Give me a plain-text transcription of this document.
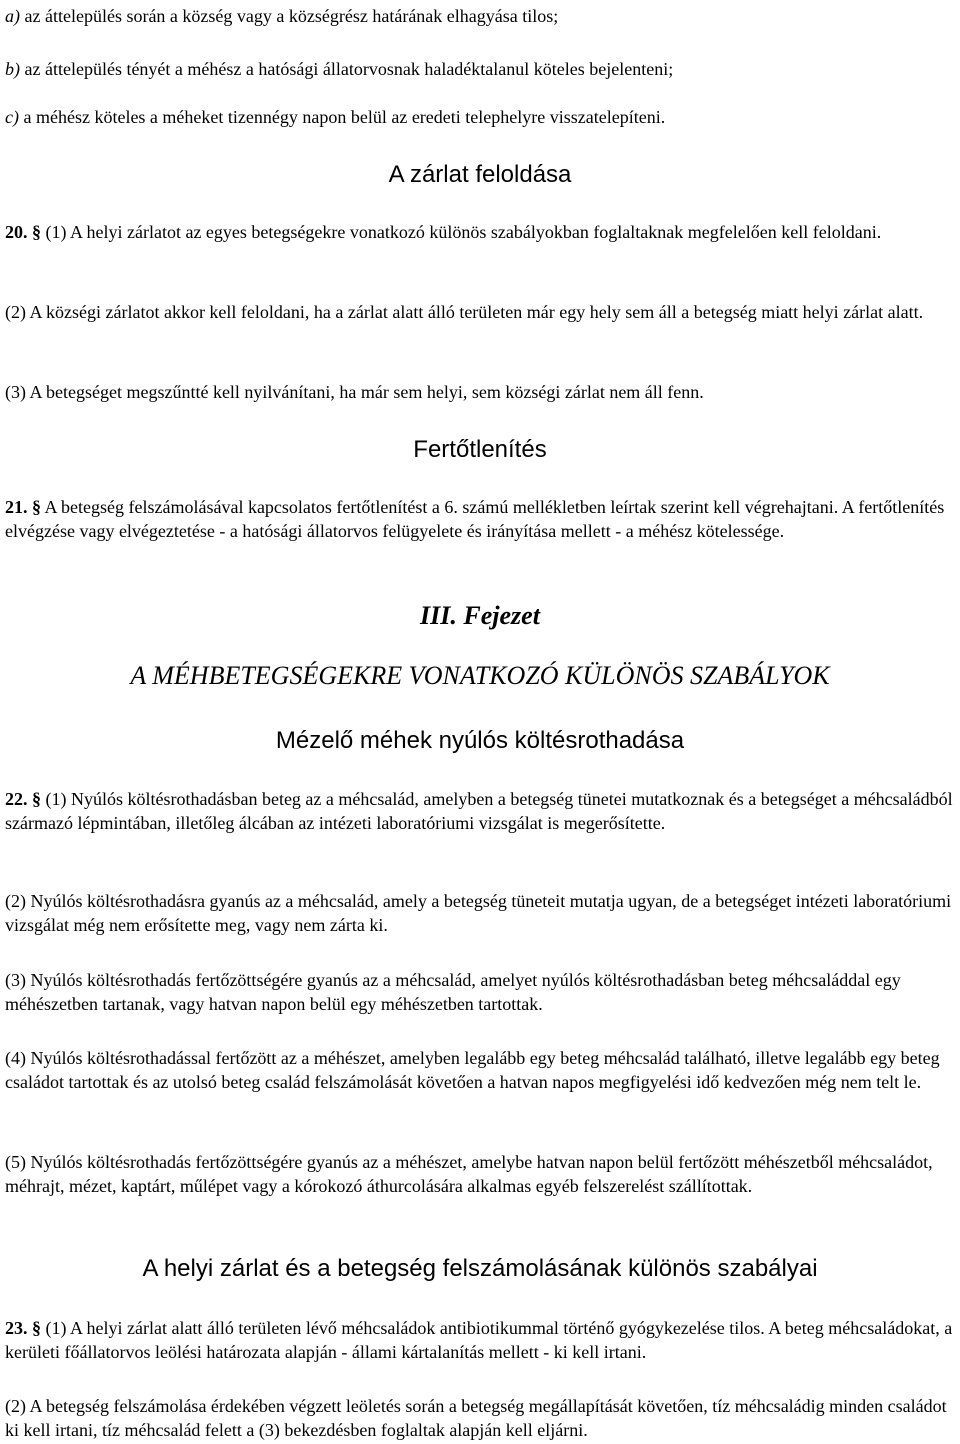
a) az áttelepülés során a község vagy a községrész határának elhagyása tilos;

b) az áttelepülés tényét a méhész a hatósági állatorvosnak haladéktalanul köteles bejelenteni;

c) a méhész köteles a méheket tizennégy napon belül az eredeti telephelyre visszatelepíteni.

A zárlat feloldása

20. § (1) A helyi zárlatot az egyes betegségekre vonatkozó különös szabályokban foglaltaknak megfelelően kell feloldani.

(2) A községi zárlatot akkor kell feloldani, ha a zárlat alatt álló területen már egy hely sem áll a betegség miatt helyi zárlat alatt.

(3) A betegséget megszűntté kell nyilvánítani, ha már sem helyi, sem községi zárlat nem áll fenn.

Fertőtlenítés

21. § A betegség felszámolásával kapcsolatos fertőtlenítést a 6. számú mellékletben leírtak szerint kell végrehajtani. A fertőtlenítés elvégzése vagy elvégeztetése - a hatósági állatorvos felügyelete és irányítása mellett - a méhész kötelessége.

III. Fejezet
A MÉHBETEGSÉGEKRE VONATKOZÓ KÜLÖNÖS SZABÁLYOK
Mézelő méhek nyúlós költésrothadása

22. § (1) Nyúlós költésrothadásban beteg az a méhcsalád, amelyben a betegség tünetei mutatkoznak és a betegséget a méhcsaládból származó lépmintában, illetőleg álcában az intézeti laboratóriumi vizsgálat is megerősítette.

(2) Nyúlós költésrothadásra gyanús az a méhcsalád, amely a betegség tüneteit mutatja ugyan, de a betegséget intézeti laboratóriumi vizsgálat még nem erősítette meg, vagy nem zárta ki.

(3) Nyúlós költésrothadás fertőzöttségére gyanús az a méhcsalád, amelyet nyúlós költésrothadásban beteg méhcsaláddal egy méhészetben tartanak, vagy hatvan napon belül egy méhészetben tartottak.

(4) Nyúlós költésrothadással fertőzött az a méhészet, amelyben legalább egy beteg méhcsalád található, illetve legalább egy beteg családot tartottak és az utolsó beteg család felszámolását követően a hatvan napos megfigyelési idő kedvezően még nem telt le.

(5) Nyúlós költésrothadás fertőzöttségére gyanús az a méhészet, amelybe hatvan napon belül fertőzött méhészetből méhcsaládot, méhrajt, mézet, kaptárt, műlépet vagy a kórokozó áthurcolására alkalmas egyéb felszerelést szállítottak.

A helyi zárlat és a betegség felszámolásának különös szabályai

23. § (1) A helyi zárlat alatt álló területen lévő méhcsaládok antibiotikummal történő gyógykezelése tilos. A beteg méhcsaládokat, a kerületi főállatorvos leölési határozata alapján - állami kártalanítás mellett - ki kell irtani.

(2) A betegség felszámolása érdekében végzett leöletés során a betegség megállapítását követően, tíz méhcsaládig minden családot ki kell irtani, tíz méhcsalád felett a (3) bekezdésben foglaltak alapján kell eljárni.
